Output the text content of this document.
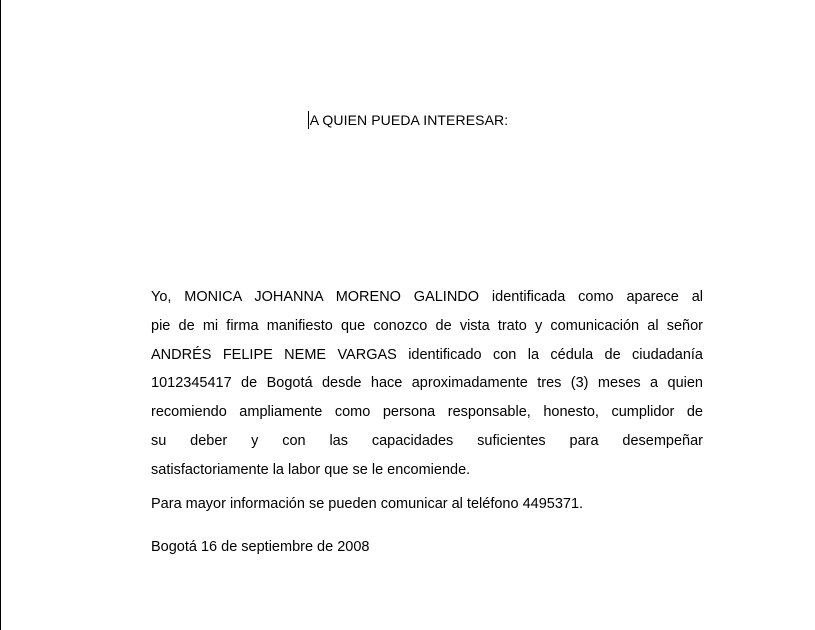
A QUIEN PUEDA INTERESAR:
Yo, MONICA JOHANNA MORENO GALINDO identificada como aparece al
pie de mi firma manifiesto que conozco de vista trato y comunicación al señor
ANDRÉS FELIPE NEME VARGAS identificado con la cédula de ciudadanía
1012345417 de Bogotá desde hace aproximadamente tres (3) meses a quien
recomiendo ampliamente como persona responsable, honesto, cumplidor de
su deber y con las capacidades suficientes para desempeñar
satisfactoriamente la labor que se le encomiende.

Para mayor información se pueden comunicar al teléfono 4495371.

Bogotá 16 de septiembre de 2008
